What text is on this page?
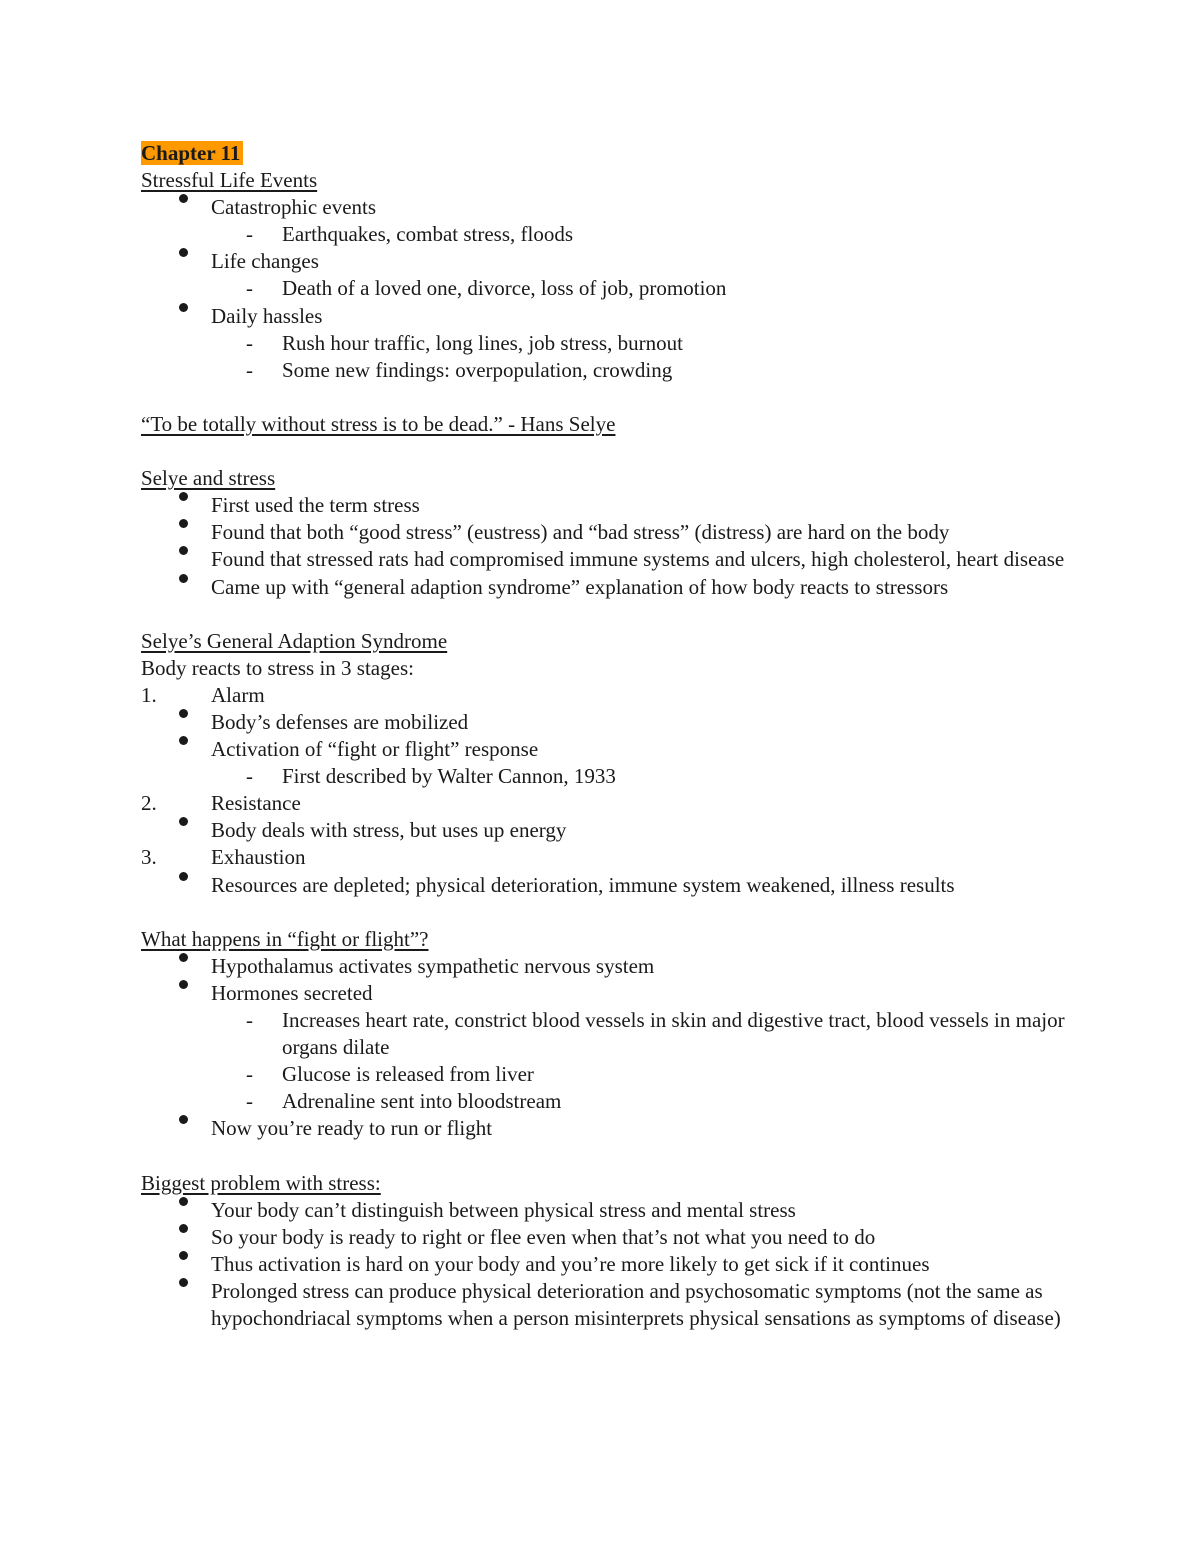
Chapter 11
Stressful Life Events
Catastrophic events
- Earthquakes, combat stress, floods
Life changes
- Death of a loved one, divorce, loss of job, promotion
Daily hassles
- Rush hour traffic, long lines, job stress, burnout
- Some new findings: overpopulation, crowding
“To be totally without stress is to be dead.” - Hans Selye
Selye and stress
First used the term stress
Found that both “good stress” (eustress) and “bad stress” (distress) are hard on the body
Found that stressed rats had compromised immune systems and ulcers, high cholesterol, heart disease
Came up with “general adaption syndrome” explanation of how body reacts to stressors
Selye’s General Adaption Syndrome
Body reacts to stress in 3 stages:
1.	Alarm
Body’s defenses are mobilized
Activation of “fight or flight” response
- First described by Walter Cannon, 1933
2.	Resistance
Body deals with stress, but uses up energy
3.	Exhaustion
Resources are depleted; physical deterioration, immune system weakened, illness results
What happens in “fight or flight”?
Hypothalamus activates sympathetic nervous system
Hormones secreted
- Increases heart rate, constrict blood vessels in skin and digestive tract, blood vessels in major organs dilate
- Glucose is released from liver
- Adrenaline sent into bloodstream
Now you’re ready to run or flight
Biggest problem with stress:
Your body can’t distinguish between physical stress and mental stress
So your body is ready to right or flee even when that’s not what you need to do
Thus activation is hard on your body and you’re more likely to get sick if it continues
Prolonged stress can produce physical deterioration and psychosomatic symptoms (not the same as hypochondriacal symptoms when a person misinterprets physical sensations as symptoms of disease)
